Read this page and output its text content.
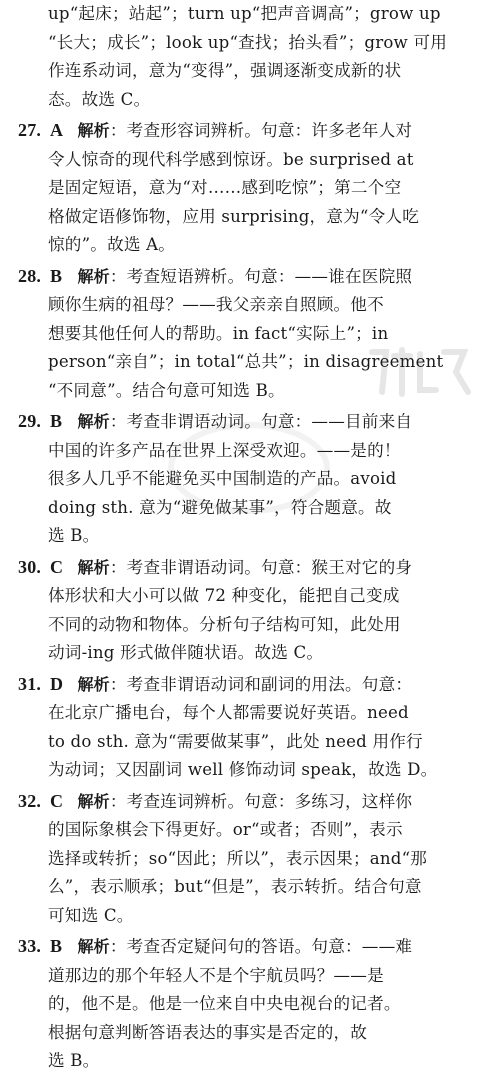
up“起床；站起”；turn up“把声音调高”；grow up
“长大；成长”；look up“查找；抬头看”；grow 可用
作连系动词，意为“变得”，强调逐渐变成新的状
态。故选 C。
27. A 解析：考查形容词辨析。句意：许多老年人对
令人惊奇的现代科学感到惊讶。be surprised at
是固定短语，意为“对……感到吃惊”；第二个空
格做定语修饰物，应用 surprising，意为“令人吃
惊的”。故选 A。
28. B 解析：考查短语辨析。句意：——谁在医院照
顾你生病的祖母？——我父亲亲自照顾。他不
想要其他任何人的帮助。in fact“实际上”；in
person“亲自”；in total“总共”；in disagreement
“不同意”。结合句意可知选 B。
29. B 解析：考查非谓语动词。句意：——目前来自
中国的许多产品在世界上深受欢迎。——是的！
很多人几乎不能避免买中国制造的产品。avoid
doing sth. 意为“避免做某事”，符合题意。故
选 B。
30. C 解析：考查非谓语动词。句意：猴王对它的身
体形状和大小可以做 72 种变化，能把自己变成
不同的动物和物体。分析句子结构可知，此处用
动词-ing 形式做伴随状语。故选 C。
31. D 解析：考查非谓语动词和副词的用法。句意：
在北京广播电台，每个人都需要说好英语。need
to do sth. 意为“需要做某事”，此处 need 用作行
为动词；又因副词 well 修饰动词 speak，故选 D。
32. C 解析：考查连词辨析。句意：多练习，这样你
的国际象棋会下得更好。or“或者；否则”，表示
选择或转折；so“因此；所以”，表示因果；and“那
么”，表示顺承；but“但是”，表示转折。结合句意
可知选 C。
33. B 解析：考查否定疑问句的答语。句意：——难
道那边的那个年轻人不是个宇航员吗？——是
的，他不是。他是一位来自中央电视台的记者。
根据句意判断答语表达的事实是否定的，故
选 B。
